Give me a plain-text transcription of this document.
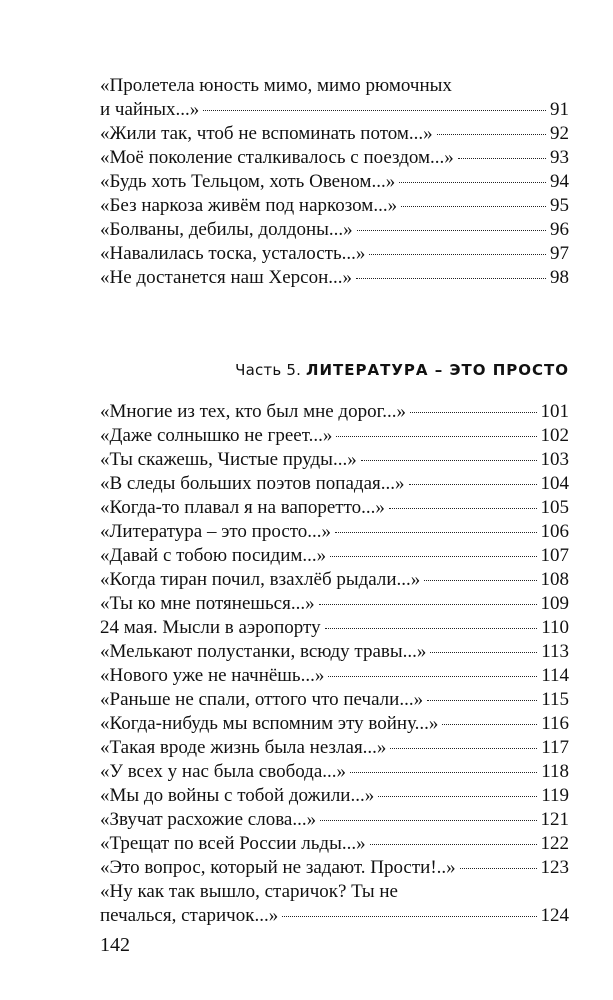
«Пролетела юность мимо, мимо рюмочных
и чайных...»	91
«Жили так, чтоб не вспоминать потом...»	92
«Моё поколение сталкивалось с поездом...»	93
«Будь хоть Тельцом, хоть Овеном...»	94
«Без наркоза живём под наркозом...»	95
«Болваны, дебилы, долдоны...»	96
«Навалилась тоска, усталость...»	97
«Не достанется наш Херсон...»	98
Часть 5. ЛИТЕРАТУРА – ЭТО ПРОСТО
«Многие из тех, кто был мне дорог...»	101
«Даже солнышко не греет...»	102
«Ты скажешь, Чистые пруды...»	103
«В следы больших поэтов попадая...»	104
«Когда-то плавал я на вапоретто...»	105
«Литература – это просто...»	106
«Давай с тобою посидим...»	107
«Когда тиран почил, взахлёб рыдали...»	108
«Ты ко мне потянешься...»	109
24 мая. Мысли в аэропорту	110
«Мелькают полустанки, всюду травы...»	113
«Нового уже не начнёшь...»	114
«Раньше не спали, оттого что печали...»	115
«Когда-нибудь мы вспомним эту войну...»	116
«Такая вроде жизнь была незлая...»	117
«У всех у нас была свобода...»	118
«Мы до войны с тобой дожили...»	119
«Звучат расхожие слова...»	121
«Трещат по всей России льды...»	122
«Это вопрос, который не задают. Прости!..»	123
«Ну как так вышло, старичок? Ты не
печалься, старичок...»	124
142
